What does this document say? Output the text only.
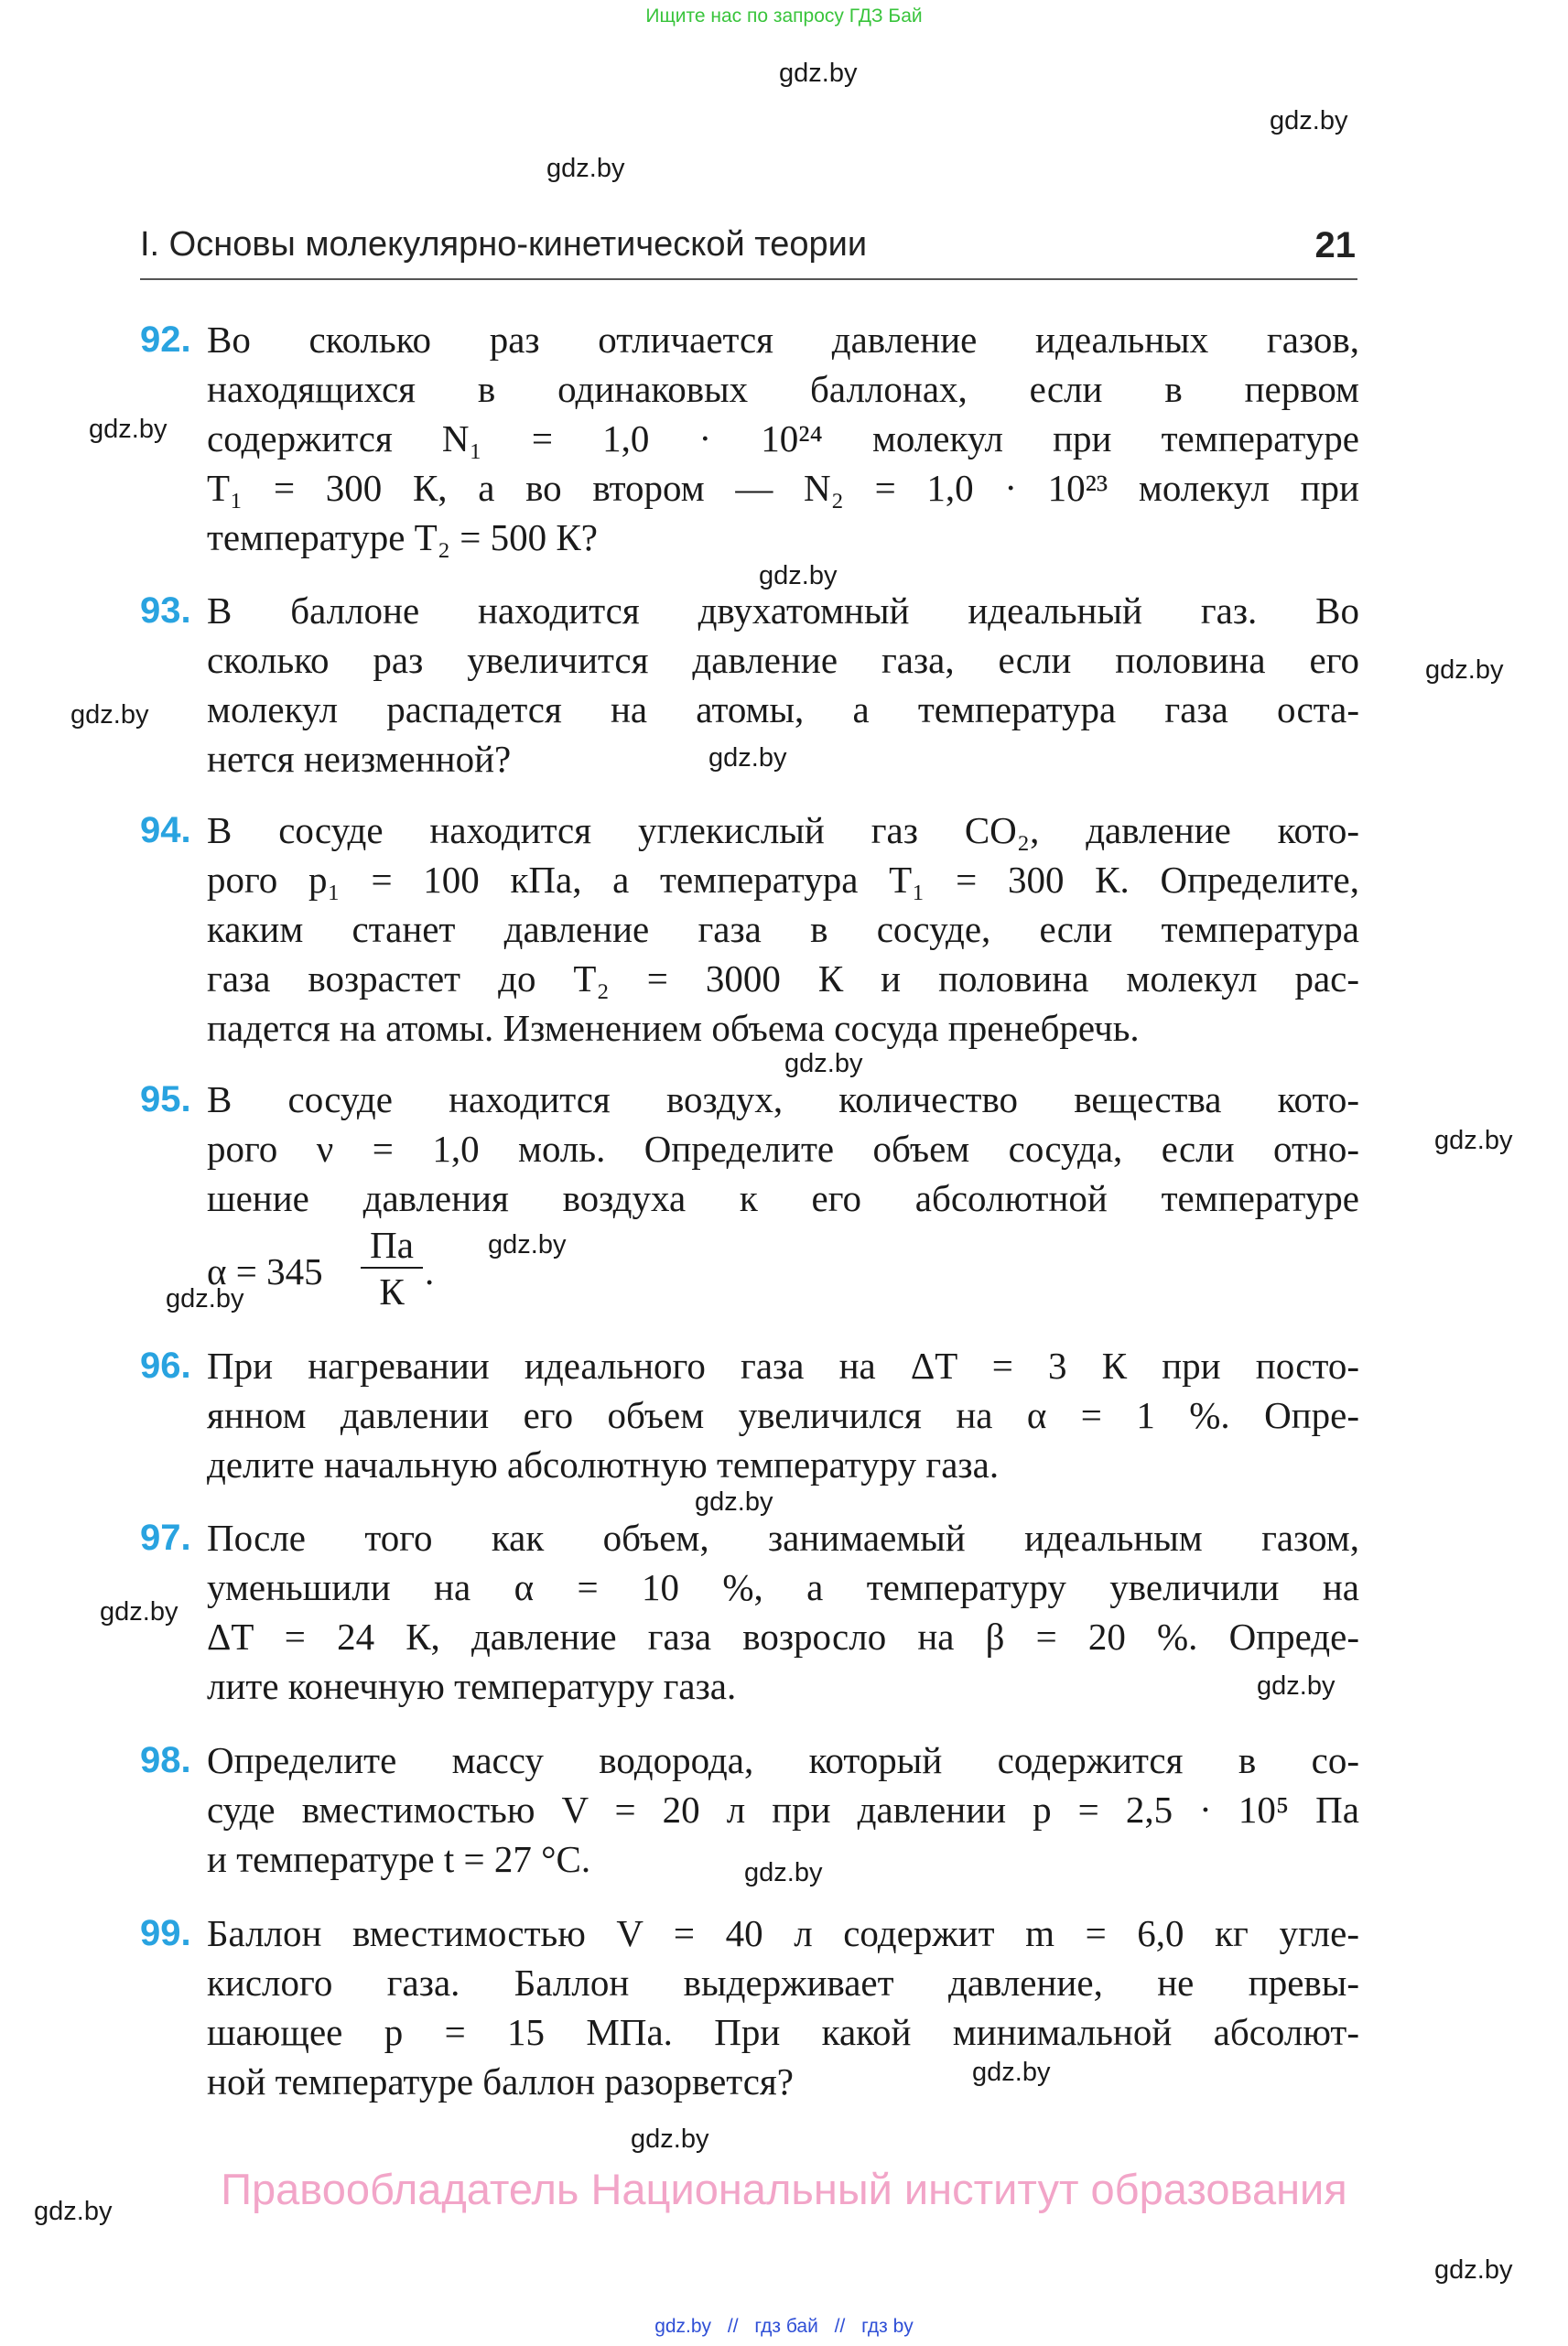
Ищите нас по запросу ГДЗ Бай
gdz.by
gdz.by
gdz.by
gdz.by
gdz.by
gdz.by
gdz.by
gdz.by
gdz.by
gdz.by
gdz.by
gdz.by
gdz.by
gdz.by
gdz.by
gdz.by
gdz.by
gdz.by
gdz.by
gdz.by
I. Основы молекулярно-кинетической теории	21
92. Во сколько раз отличается давление идеальных газов,
находящихся в одинаковых баллонах, если в первом
содержится N₁ = 1,0 · 10²⁴ молекул при температуре
T₁ = 300 К, а во втором — N₂ = 1,0 · 10²³ молекул при
температуре T₂ = 500 К?
93. В баллоне находится двухатомный идеальный газ. Во
сколько раз увеличится давление газа, если половина его
молекул распадется на атомы, а температура газа оста-
нется неизменной?
94. В сосуде находится углекислый газ CO₂, давление кото-
рого p₁ = 100 кПа, а температура T₁ = 300 К. Определите,
каким станет давление газа в сосуде, если температура
газа возрастет до T₂ = 3000 К и половина молекул рас-
падется на атомы. Изменением объема сосуда пренебречь.
95. В сосуде находится воздух, количество вещества кото-
рого ν = 1,0 моль. Определите объем сосуда, если отно-
шение давления воздуха к его абсолютной температуре
α = 345
Па
К .
96. При нагревании идеального газа на ΔT = 3 К при посто-
янном давлении его объем увеличился на α = 1 %. Опре-
делите начальную абсолютную температуру газа.
97. После того как объем, занимаемый идеальным газом,
уменьшили на α = 10 %, а температуру увеличили на
ΔT = 24 К, давление газа возросло на β = 20 %. Опреде-
лите конечную температуру газа.
98. Определите массу водорода, который содержится в со-
суде вместимостью V = 20 л при давлении p = 2,5 · 10⁵ Па
и температуре t = 27 °С.
99. Баллон вместимостью V = 40 л содержит m = 6,0 кг угле-
кислого газа. Баллон выдерживает давление, не превы-
шающее p = 15 МПа. При какой минимальной абсолют-
ной температуре баллон разорвется?
Правообладатель Национальный институт образования
gdz.by // гдз бай // гдз by
